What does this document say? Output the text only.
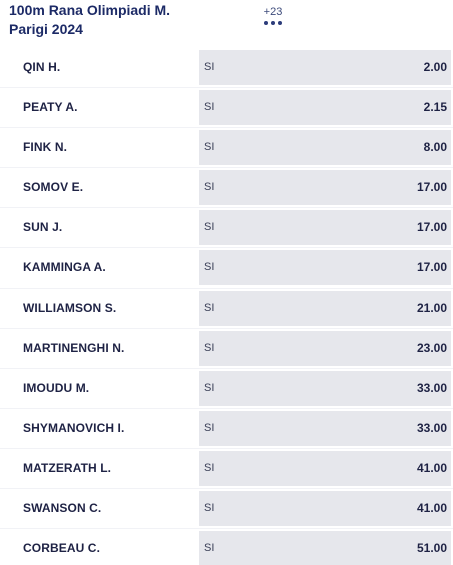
100m Rana Olimpiadi M. Parigi 2024
+23
QIN H.	SI	2.00
PEATY A.	SI	2.15
FINK N.	SI	8.00
SOMOV E.	SI	17.00
SUN J.	SI	17.00
KAMMINGA A.	SI	17.00
WILLIAMSON S.	SI	21.00
MARTINENGHI N.	SI	23.00
IMOUDU M.	SI	33.00
SHYMANOVICH I.	SI	33.00
MATZERATH L.	SI	41.00
SWANSON C.	SI	41.00
CORBEAU C.	SI	51.00
